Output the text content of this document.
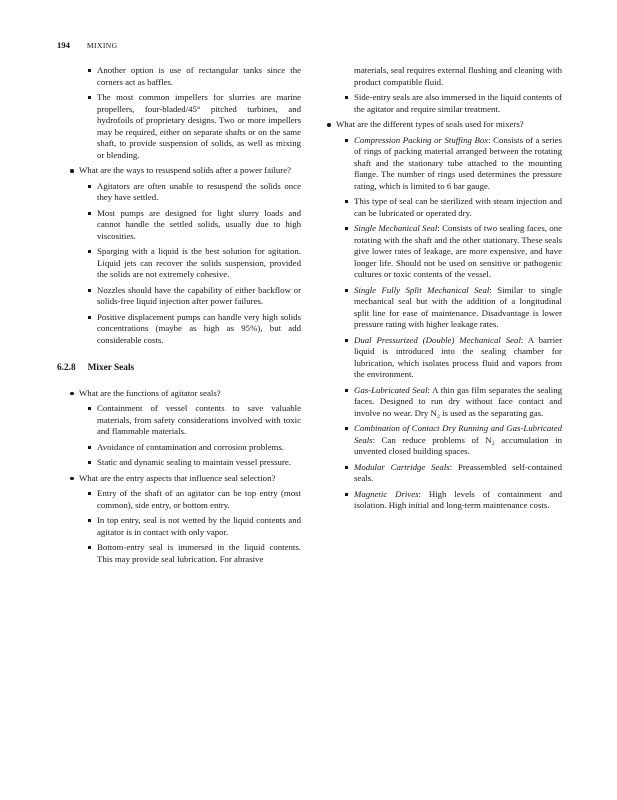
194 MIXING
Another option is use of rectangular tanks since the corners act as baffles.
The most common impellers for slurries are marine propellers, four-bladed/45° pitched turbines, and hydrofoils of proprietary designs. Two or more impellers may be required, either on separate shafts or on the same shaft, to provide suspension of solids, as well as mixing or blending.
What are the ways to resuspend solids after a power failure?
Agitators are often unable to resuspend the solids once they have settled.
Most pumps are designed for light slurry loads and cannot handle the settled solids, usually due to high viscosities.
Sparging with a liquid is the best solution for agitation. Liquid jets can recover the solids suspension, provided the solids are not extremely cohesive.
Nozzles should have the capability of either backflow or solids-free liquid injection after power failures.
Positive displacement pumps can handle very high solids concentrations (maybe as high as 95%), but add considerable costs.
6.2.8 Mixer Seals
What are the functions of agitator seals?
Containment of vessel contents to save valuable materials, from safety considerations involved with toxic and flammable materials.
Avoidance of contamination and corrosion problems.
Static and dynamic sealing to maintain vessel pressure.
What are the entry aspects that influence seal selection?
Entry of the shaft of an agitator can be top entry (most common), side entry, or bottom entry.
In top entry, seal is not wetted by the liquid contents and agitator is in contact with only vapor.
Bottom-entry seal is immersed in the liquid contents. This may provide seal lubrication. For abrasive
materials, seal requires external flushing and cleaning with product compatible fluid.
Side-entry seals are also immersed in the liquid contents of the agitator and require similar treatment.
What are the different types of seals used for mixers?
Compression Packing or Stuffing Box: Consists of a series of rings of packing material arranged between the rotating shaft and the stationary tube attached to the mounting flange. The number of rings used determines the pressure rating, which is limited to 6 bar gauge.
This type of seal can be sterilized with steam injection and can be lubricated or operated dry.
Single Mechanical Seal: Consists of two sealing faces, one rotating with the shaft and the other stationary. These seals give lower rates of leakage, are more expensive, and have longer life. Should not be used on sensitive or pathogenic cultures or toxic contents of the vessel.
Single Fully Split Mechanical Seal: Similar to single mechanical seal but with the addition of a longitudinal split line for ease of maintenance. Disadvantage is lower pressure rating with higher leakage rates.
Dual Pressurized (Double) Mechanical Seal: A barrier liquid is introduced into the sealing chamber for lubrication, which isolates process fluid and vapors from the environment.
Gas-Lubricated Seal: A thin gas film separates the sealing faces. Designed to run dry without face contact and involve no wear. Dry N₂ is used as the separating gas.
Combination of Contact Dry Running and Gas-Lubricated Seals: Can reduce problems of N₂ accumulation in unvented closed building spaces.
Modular Cartridge Seals: Preassembled self-contained seals.
Magnetic Drives: High levels of containment and isolation. High initial and long-term maintenance costs.
